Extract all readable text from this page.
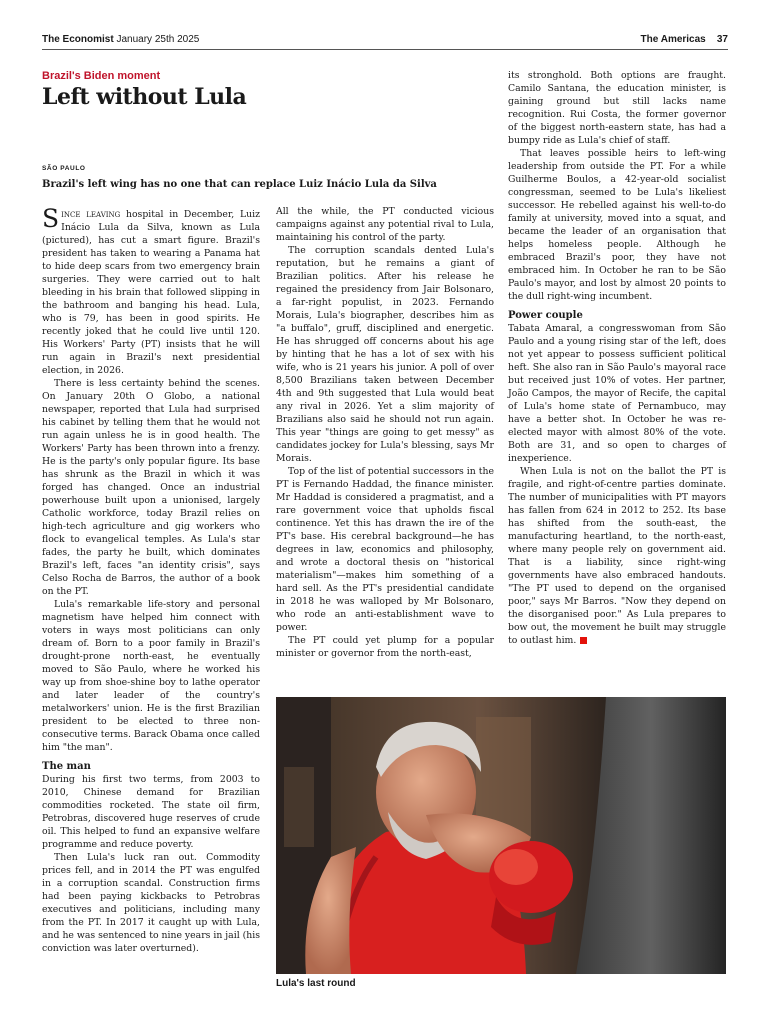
The Economist January 25th 2025	The Americas 37
Brazil's Biden moment
Left without Lula
SÃO PAULO
Brazil's left wing has no one that can replace Luiz Inácio Lula da Silva

Since leaving hospital in December, Luiz Inácio Lula da Silva, known as Lula (pictured), has cut a smart figure. Brazil's president has taken to wearing a Panama hat to hide deep scars from two emergency brain surgeries. They were carried out to halt bleeding in his brain that followed slipping in the bathroom and banging his head. Lula, who is 79, has been in good spirits. He recently joked that he could live until 120. His Workers' Party (PT) insists that he will run again in Brazil's next presidential election, in 2026.

There is less certainty behind the scenes. On January 20th O Globo, a national newspaper, reported that Lula had surprised his cabinet by telling them that he would not run again unless he is in good health. The Workers' Party has been thrown into a frenzy. He is the party's only popular figure. Its base has shrunk as the Brazil in which it was forged has changed. Once an industrial powerhouse built upon a unionised, largely Catholic workforce, today Brazil relies on high-tech agriculture and gig workers who flock to evangelical temples. As Lula's star fades, the party he built, which dominates Brazil's left, faces "an identity crisis", says Celso Rocha de Barros, the author of a book on the PT.

Lula's remarkable life-story and personal magnetism have helped him connect with voters in ways most politicians can only dream of. Born to a poor family in Brazil's drought-prone north-east, he eventually moved to São Paulo, where he worked his way up from shoe-shine boy to lathe operator and later leader of the country's metalworkers' union. He is the first Brazilian president to be elected to three non-consecutive terms. Barack Obama once called him "the man".

The man

During his first two terms, from 2003 to 2010, Chinese demand for Brazilian commodities rocketed. The state oil firm, Petrobras, discovered huge reserves of crude oil. This helped to fund an expansive welfare programme and reduce poverty.

Then Lula's luck ran out. Commodity prices fell, and in 2014 the PT was engulfed in a corruption scandal. Construction firms had been paying kickbacks to Petrobras executives and politicians, including many from the PT. In 2017 it caught up with Lula, and he was sentenced to nine years in jail (his conviction was later overturned).

All the while, the PT conducted vicious campaigns against any potential rival to Lula, maintaining his control of the party.

The corruption scandals dented Lula's reputation, but he remains a giant of Brazilian politics. After his release he regained the presidency from Jair Bolsonaro, a far-right populist, in 2023. Fernando Morais, Lula's biographer, describes him as "a buffalo", gruff, disciplined and energetic. He has shrugged off concerns about his age by hinting that he has a lot of sex with his wife, who is 21 years his junior. A poll of over 8,500 Brazilians taken between December 4th and 9th suggested that Lula would beat any rival in 2026. Yet a slim majority of Brazilians also said he should not run again. This year "things are going to get messy" as candidates jockey for Lula's blessing, says Mr Morais.

Top of the list of potential successors in the PT is Fernando Haddad, the finance minister. Mr Haddad is considered a pragmatist, and a rare government voice that upholds fiscal continence. Yet this has drawn the ire of the PT's base. His cerebral background—he has degrees in law, economics and philosophy, and wrote a doctoral thesis on "historical materialism"—makes him something of a hard sell. As the PT's presidential candidate in 2018 he was walloped by Mr Bolsonaro, who rode an anti-establishment wave to power.

The PT could yet plump for a popular minister or governor from the north-east,

its stronghold. Both options are fraught. Camilo Santana, the education minister, is gaining ground but still lacks name recognition. Rui Costa, the former governor of the biggest north-eastern state, has had a bumpy ride as Lula's chief of staff.

That leaves possible heirs to left-wing leadership from outside the PT. For a while Guilherme Boulos, a 42-year-old socialist congressman, seemed to be Lula's likeliest successor. He rebelled against his well-to-do family at university, moved into a squat, and became the leader of an organisation that helps homeless people. Although he embraced Brazil's poor, they have not embraced him. In October he ran to be São Paulo's mayor, and lost by almost 20 points to the dull right-wing incumbent.

Power couple

Tabata Amaral, a congresswoman from São Paulo and a young rising star of the left, does not yet appear to possess sufficient political heft. She also ran in São Paulo's mayoral race but received just 10% of votes. Her partner, João Campos, the mayor of Recife, the capital of Lula's home state of Pernambuco, may have a better shot. In October he was re-elected mayor with almost 80% of the vote. Both are 31, and so open to charges of inexperience.

When Lula is not on the ballot the PT is fragile, and right-of-centre parties dominate. The number of municipalities with PT mayors has fallen from 624 in 2012 to 252. Its base has shifted from the south-east, the manufacturing heartland, to the north-east, where many people rely on government aid. That is a liability, since right-wing governments have also embraced handouts. "The PT used to depend on the organised poor," says Mr Barros. "Now they depend on the disorganised poor." As Lula prepares to bow out, the movement he built may struggle to outlast him.

Lula's last round
